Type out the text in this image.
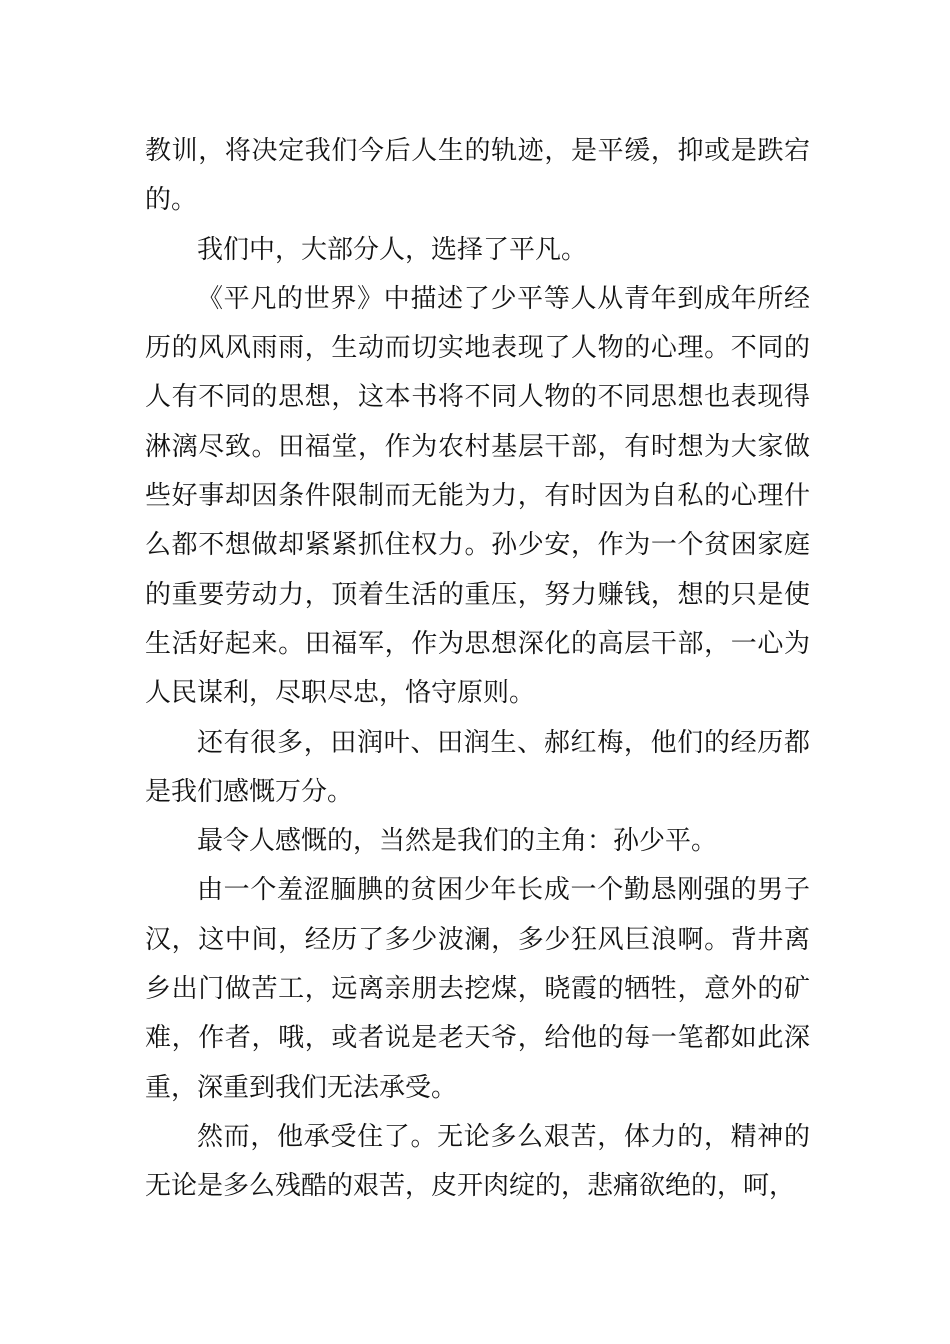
教训，将决定我们今后人生的轨迹，是平缓，抑或是跌宕的。

我们中，大部分人，选择了平凡。

《平凡的世界》中描述了少平等人从青年到成年所经历的风风雨雨，生动而切实地表现了人物的心理。不同的人有不同的思想，这本书将不同人物的不同思想也表现得淋漓尽致。田福堂，作为农村基层干部，有时想为大家做些好事却因条件限制而无能为力，有时因为自私的心理什么都不想做却紧紧抓住权力。孙少安，作为一个贫困家庭的重要劳动力，顶着生活的重压，努力赚钱，想的只是使生活好起来。田福军，作为思想深化的高层干部，一心为人民谋利，尽职尽忠，恪守原则。

还有很多，田润叶、田润生、郝红梅，他们的经历都是我们感慨万分。

最令人感慨的，当然是我们的主角：孙少平。

由一个羞涩腼腆的贫困少年长成一个勤恳刚强的男子汉，这中间，经历了多少波澜，多少狂风巨浪啊。背井离乡出门做苦工，远离亲朋去挖煤，晓霞的牺牲，意外的矿难，作者，哦，或者说是老天爷，给他的每一笔都如此深重，深重到我们无法承受。

然而，他承受住了。无论多么艰苦，体力的，精神的无论是多么残酷的艰苦，皮开肉绽的，悲痛欲绝的，呵，
